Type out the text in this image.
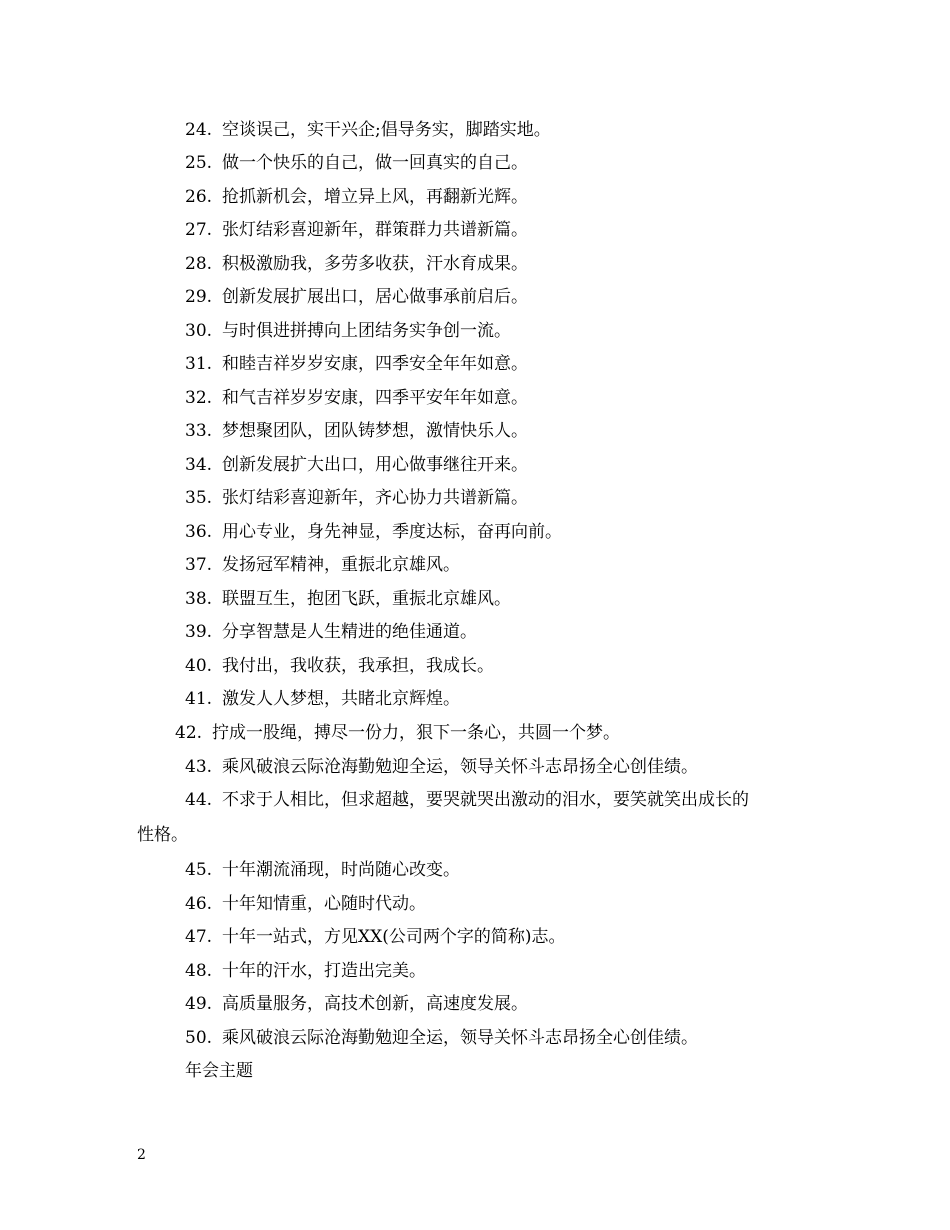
24. 空谈误己，实干兴企;倡导务实，脚踏实地。
25. 做一个快乐的自己，做一回真实的自己。
26. 抢抓新机会，增立异上风，再翻新光辉。
27. 张灯结彩喜迎新年，群策群力共谱新篇。
28. 积极激励我，多劳多收获，汗水育成果。
29. 创新发展扩展出口，居心做事承前启后。
30. 与时俱进拼搏向上团结务实争创一流。
31. 和睦吉祥岁岁安康，四季安全年年如意。
32. 和气吉祥岁岁安康，四季平安年年如意。
33. 梦想聚团队，团队铸梦想，激情快乐人。
34. 创新发展扩大出口，用心做事继往开来。
35. 张灯结彩喜迎新年，齐心协力共谱新篇。
36. 用心专业，身先神显，季度达标，奋再向前。
37. 发扬冠军精神，重振北京雄风。
38. 联盟互生，抱团飞跃，重振北京雄风。
39. 分享智慧是人生精进的绝佳通道。
40. 我付出，我收获，我承担，我成长。
41. 激发人人梦想，共睹北京辉煌。
42. 拧成一股绳，搏尽一份力，狠下一条心，共圆一个梦。
43. 乘风破浪云际沧海勤勉迎全运，领导关怀斗志昂扬全心创佳绩。
44. 不求于人相比，但求超越，要哭就哭出激动的泪水，要笑就笑出成长的
性格。
45. 十年潮流涌现，时尚随心改变。
46. 十年知情重，心随时代动。
47. 十年一站式，方见XX(公司两个字的简称)志。
48. 十年的汗水，打造出完美。
49. 高质量服务，高技术创新，高速度发展。
50. 乘风破浪云际沧海勤勉迎全运，领导关怀斗志昂扬全心创佳绩。
年会主题
2
